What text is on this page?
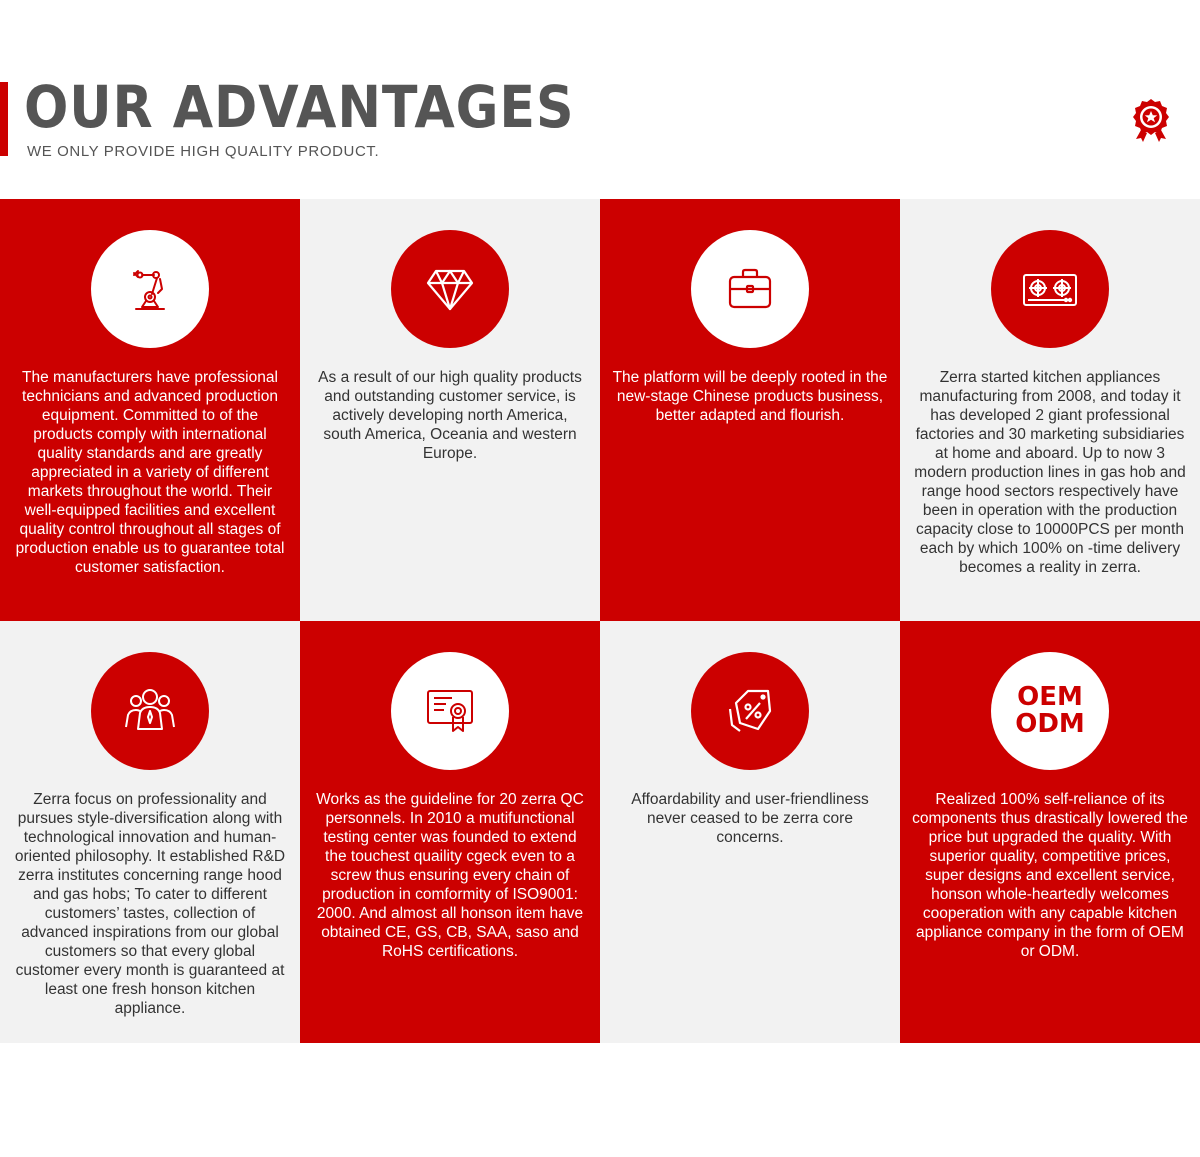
OUR ADVANTAGES
WE ONLY PROVIDE HIGH QUALITY PRODUCT.
The manufacturers have professional technicians and advanced production equipment. Committed to of the products comply with international quality standards and are greatly appreciated in a variety of different markets throughout the world. Their well-equipped facilities and excellent quality control throughout all stages of production enable us to guarantee total customer satisfaction.
As a result of our high quality products and outstanding customer service, is actively developing north America, south America, Oceania and western Europe.
The platform will be deeply rooted in the new-stage Chinese products business, better adapted and flourish.
Zerra started kitchen appliances manufacturing from 2008, and today it has developed 2 giant professional factories and 30 marketing subsidiaries at home and aboard. Up to now 3 modern production lines in gas hob and range hood sectors respectively have been in operation with the production capacity close to 10000PCS per month each by which 100% on -time delivery becomes a reality in zerra.
Zerra focus on professionality and pursues style-diversification along with technological innovation and human-oriented philosophy. It established R&D zerra institutes concerning range hood and gas hobs; To cater to different customers’ tastes, collection of advanced inspirations from our global customers so that every global customer every month is guaranteed at least one fresh honson kitchen appliance.
Works as the guideline for 20 zerra QC personnels. In 2010 a mutifunctional testing center was founded to extend the touchest quaility cgeck even to a screw thus ensuring every chain of production in comformity of ISO9001: 2000. And almost all honson item have obtained CE, GS, CB, SAA, saso and RoHS certifications.
Affoardability and user-friendliness never ceased to be zerra core concerns.
OEM
ODM
Realized 100% self-reliance of its components thus drastically lowered the price but upgraded the quality. With superior quality, competitive prices, super designs and excellent service, honson whole-heartedly welcomes cooperation with any capable kitchen appliance company in the form of OEM or ODM.
